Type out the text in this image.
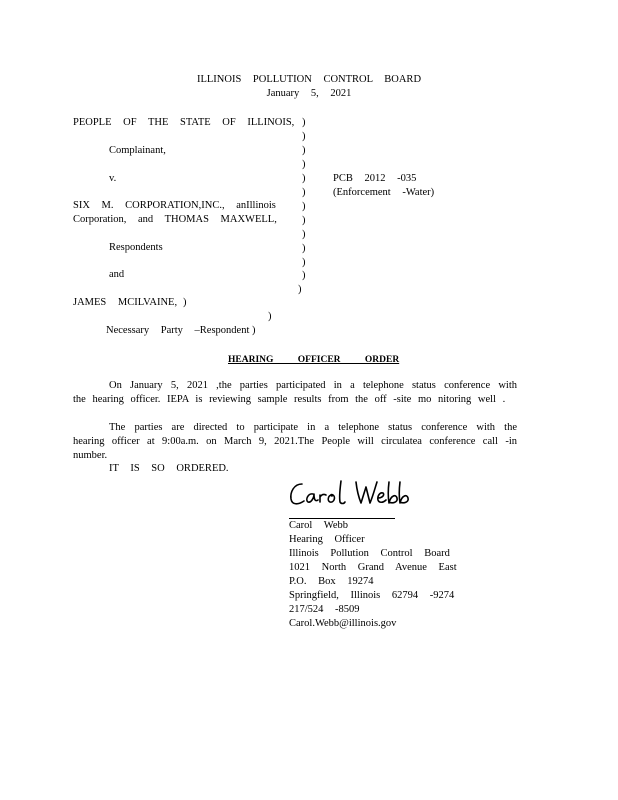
ILLINOIS POLLUTION CONTROL BOARD
January 5, 2021
PEOPLE OF THE STATE OF ILLINOIS,
Complainant,
v.
SIX M. CORPORATION,INC., anIllinois
Corporation, and THOMAS MAXWELL,
Respondents
and
JAMES MCILVAINE, )
)
Necessary Party –Respondent )
)
)
)
)
)
)
)
)
)
)
)
)
)
PCB 2012 -035
(Enforcement -Water)
HEARING OFFICER ORDER
On January 5, 2021 ,the parties participated in a telephone status conference with the hearing officer. IEPA is reviewing sample results from the off -site mo nitoring well .
The parties are directed to participate in a telephone status conference with the hearing officer at 9:00a.m. on March 9, 2021.The People will circulatea conference call -in number.
IT IS SO ORDERED.
Carol Webb
Hearing Officer
Illinois Pollution Control Board
1021 North Grand Avenue East
P.O. Box 19274
Springfield, Illinois 62794 -9274
217/524 -8509
Carol.Webb@illinois.gov
